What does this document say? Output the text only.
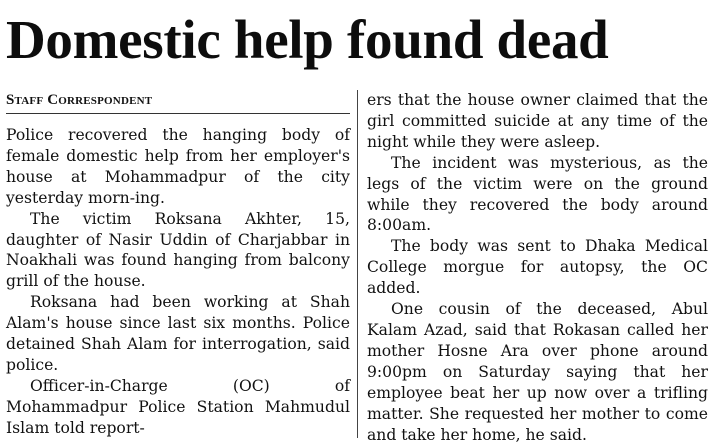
Domestic help found dead
Staff Correspondent

Police recovered the hanging body of female domestic help from her employer's house at Mohammadpur of the city yesterday morn-ing.

The victim Roksana Akhter, 15, daughter of Nasir Uddin of Charjabbar in Noakhali was found hanging from balcony grill of the house.

Roksana had been working at Shah Alam's house since last six months. Police detained Shah Alam for interrogation, said police.

Officer-in-Charge (OC) of Mohammadpur Police Station Mahmudul Islam told report-

ers that the house owner claimed that the girl committed suicide at any time of the night while they were asleep.

The incident was mysterious, as the legs of the victim were on the ground while they recovered the body around 8:00am.

The body was sent to Dhaka Medical College morgue for autopsy, the OC added.

One cousin of the deceased, Abul Kalam Azad, said that Rokasan called her mother Hosne Ara over phone around 9:00pm on Saturday saying that her employee beat her up now over a trifling matter. She requested her mother to come and take her home, he said.
